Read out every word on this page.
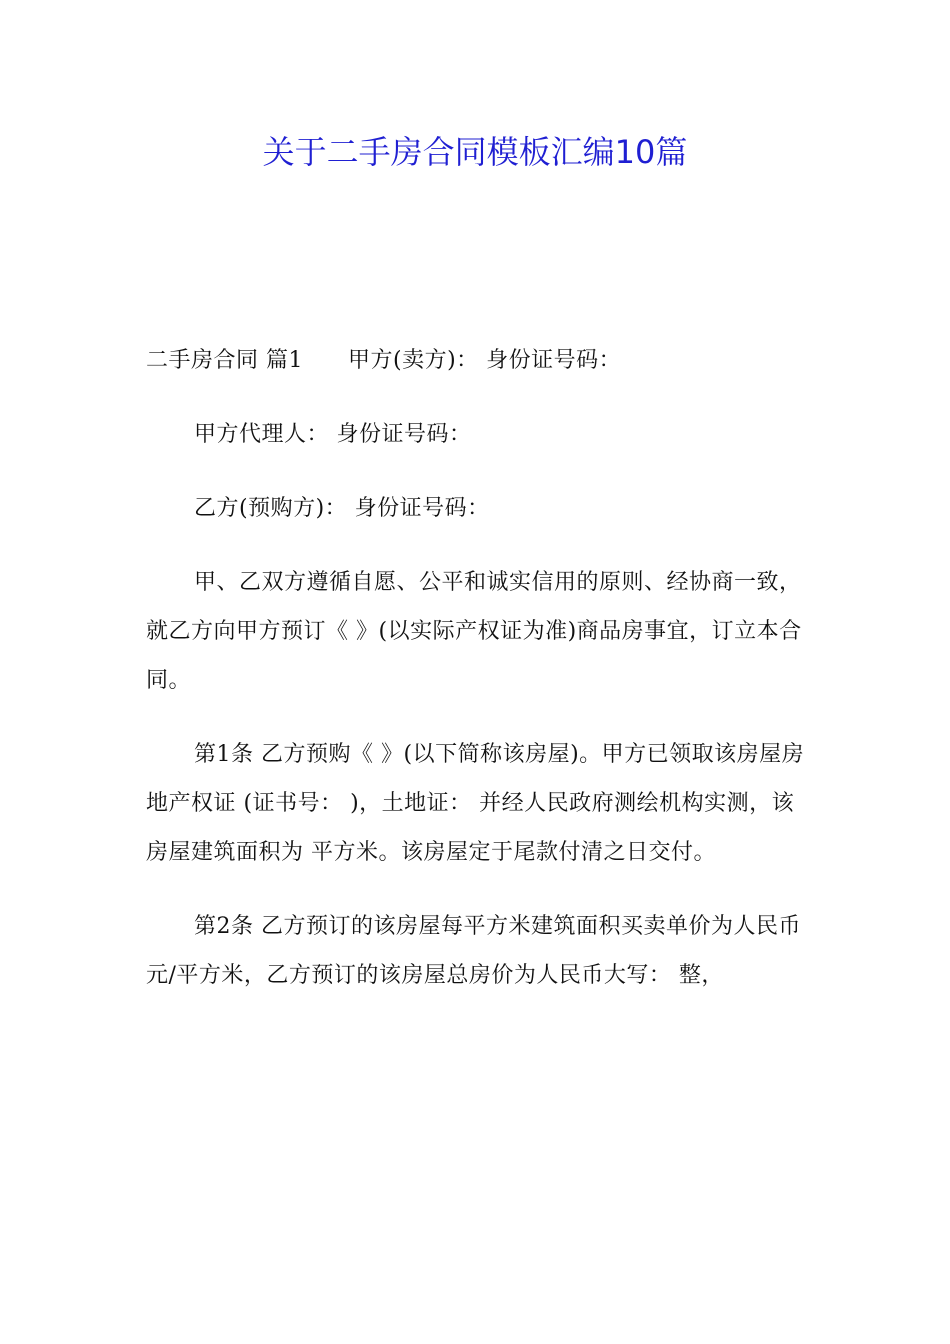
关于二手房合同模板汇编10篇

二手房合同 篇1　　甲方(卖方)： 身份证号码：

甲方代理人： 身份证号码：

乙方(预购方)： 身份证号码：

甲、乙双方遵循自愿、公平和诚实信用的原则、经协商一致，就乙方向甲方预订《 》(以实际产权证为准)商品房事宜，订立本合同。

第1条 乙方预购《 》(以下简称该房屋)。甲方已领取该房屋房地产权证 (证书号： )，土地证： 并经人民政府测绘机构实测，该房屋建筑面积为 平方米。该房屋定于尾款付清之日交付。

第2条 乙方预订的该房屋每平方米建筑面积买卖单价为人民币 元/平方米，乙方预订的该房屋总房价为人民币大写： 整，
